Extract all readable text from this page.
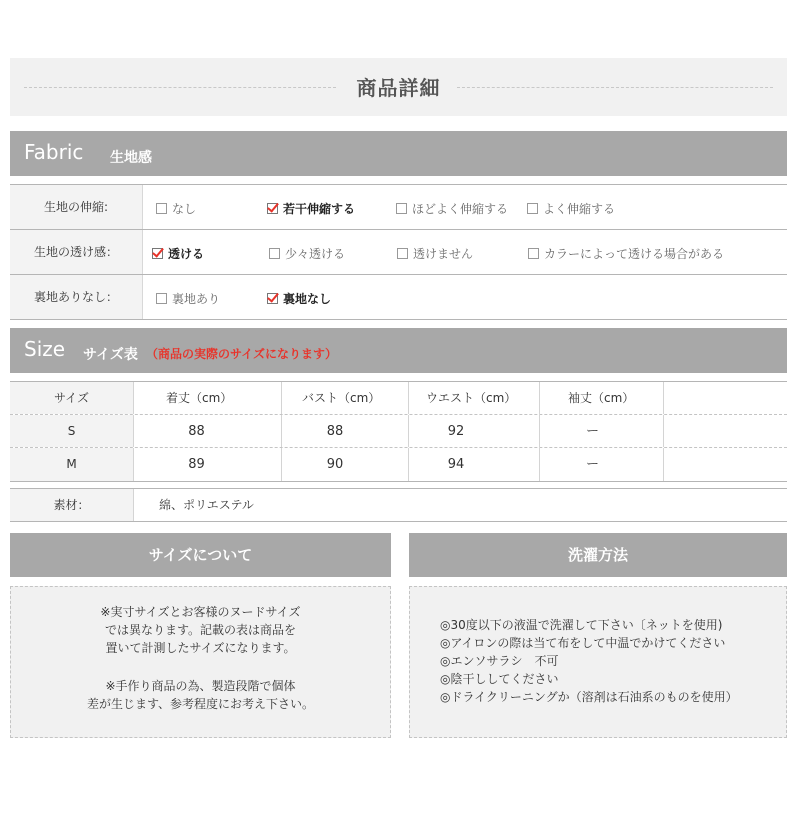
商品詳細
Fabric 生地感
生地の伸縮:	なし	若干伸縮する	ほどよく伸縮する	よく伸縮する
生地の透け感：	透ける	少々透ける	透けません	カラーによって透ける場合がある
裏地ありなし：	裏地あり	裏地なし
Size サイズ表 （商品の実際のサイズになります）
サイズ	着丈（cm）	バスト（cm）	ウエスト（cm）	袖丈（cm）
S	88	88	92	ー
M	89	90	94	ー
素材：	綿、ポリエステル
サイズについて	洗濯方法

※実寸サイズとお客様のヌードサイズ

では異なります。記載の表は商品を

置いて計測したサイズになります。

※手作り商品の為、製造段階で個体

差が生じます、参考程度にお考え下さい。

◎30度以下の液温で洗濯して下さい〔ネットを使用)

◎アイロンの際は当て布をして中温でかけてください

◎エンソサラシ　不可

◎陰干ししてください

◎ドライクリーニングか（溶剤は石油系のものを使用）
